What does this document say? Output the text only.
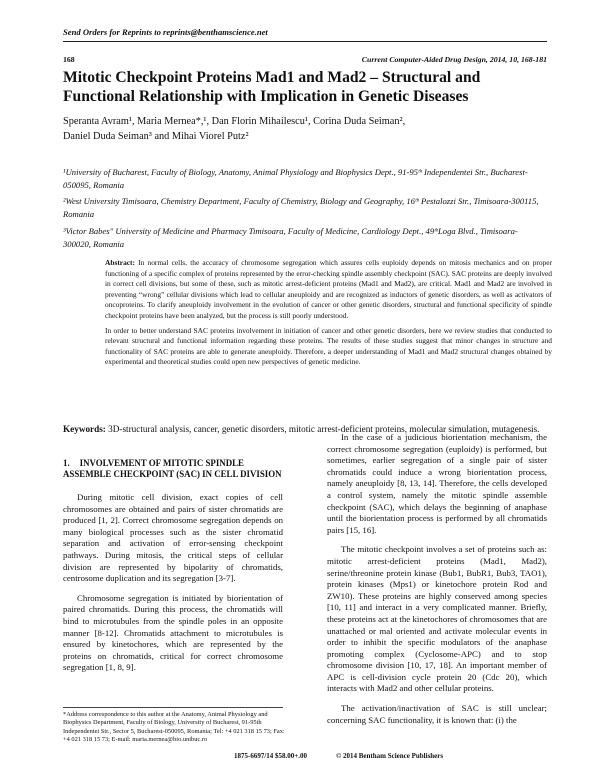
Send Orders for Reprints to reprints@benthamscience.net
168	Current Computer-Aided Drug Design, 2014, 10, 168-181
Mitotic Checkpoint Proteins Mad1 and Mad2 – Structural and Functional Relationship with Implication in Genetic Diseases
Speranta Avram¹, Maria Mernea*,¹, Dan Florin Mihailescu¹, Corina Duda Seiman²,
Daniel Duda Seiman³ and Mihai Viorel Putz²
¹University of Bucharest, Faculty of Biology, Anatomy, Animal Physiology and Biophysics Dept., 91-95ᵗʰ Independentei Str., Bucharest-050095, Romania
²West University Timisoara, Chemistry Department, Faculty of Chemistry, Biology and Geography, 16ᵗʰ Pestalozzi Str., Timisoara-300115, Romania
³Victor Babes" University of Medicine and Pharmacy Timisoara, Faculty of Medicine, Cardiology Dept., 49ᵗʰLoga Blvd., Timisoara-300020, Romania

Abstract: In normal cells, the accuracy of chromosome segregation which assures cells euploidy depends on mitosis mechanics and on proper functioning of a specific complex of proteins represented by the error-checking spindle assembly checkpoint (SAC). SAC proteins are deeply involved in correct cell divisions, but some of these, such as mitotic arrest-deficient proteins (Mad1 and Mad2), are critical. Mad1 and Mad2 are involved in preventing “wrong” cellular divisions which lead to cellular aneuploidy and are recognized as inductors of genetic disorders, as well as activators of oncoproteins. To clarify aneuploidy involvement in the evolution of cancer or other genetic disorders, structural and functional specificity of spindle checkpoint proteins have been analyzed, but the process is still poorly understood.

In order to better understand SAC proteins involvement in initiation of cancer and other genetic disorders, here we review studies that conducted to relevant structural and functional information regarding these proteins. The results of these studies suggest that minor changes in structure and functionality of SAC proteins are able to generate aneuploidy. Therefore, a deeper understanding of Mad1 and Mad2 structural changes obtained by experimental and theoretical studies could open new perspectives of genetic medicine.

Keywords: 3D-structural analysis, cancer, genetic disorders, mitotic arrest-deficient proteins, molecular simulation, mutagenesis.
1. INVOLVEMENT OF MITOTIC SPINDLE ASSEMBLE CHECKPOINT (SAC) IN CELL DIVISION

During mitotic cell division, exact copies of cell chromosomes are obtained and pairs of sister chromatids are produced [1, 2]. Correct chromosome segregation depends on many biological processes such as the sister chromatid separation and activation of error-sensing checkpoint pathways. During mitosis, the critical steps of cellular division are represented by bipolarity of chromatids, centrosome duplication and its segregation [3-7].

Chromosome segregation is initiated by biorientation of paired chromatids. During this process, the chromatids will bind to microtubules from the spindle poles in an opposite manner [8-12]. Chromatids attachment to microtubules is ensured by kinetochores, which are represented by the proteins on chromatids, critical for correct chromosome segregation [1, 8, 9].

In the case of a judicious biorientation mechanism, the correct chromosome segregation (euploidy) is performed, but sometimes, earlier segregation of a single pair of sister chromatids could induce a wrong biorientation process, namely aneuploidy [8, 13, 14]. Therefore, the cells developed a control system, namely the mitotic spindle assemble checkpoint (SAC), which delays the beginning of anaphase until the biorientation process is performed by all chromatids pairs [15, 16].

The mitotic checkpoint involves a set of proteins such as: mitotic arrest-deficient proteins (Mad1, Mad2), serine/threonine protein kinase (Bub1, BubR1, Bub3, TAO1), protein kinases (Mps1) or kinetochore protein Rod and ZW10). These proteins are highly conserved among species [10, 11] and interact in a very complicated manner. Briefly, these proteins act at the kinetochores of chromosomes that are unattached or mal oriented and activate molecular events in order to inhibit the specific modulators of the anaphase promoting complex (Cyclosome-APC) and to stop chromosome division [10, 17, 18]. An important member of APC is cell-division cycle protein 20 (Cdc 20), which interacts with Mad2 and other cellular proteins.

The activation/inactivation of SAC is still unclear; concerning SAC functionality, it is known that: (i) the

*Address correspondence to this author at the Anatomy, Animal Physiology and Biophysics Department, Faculty of Biology, University of Bucharest, 91-95th Independentei Str., Sector 5, Bucharest-050095, Romania; Tel: +4 021 318 15 73; Fax: +4 021 318 15 73; E-mail: maria.mernea@bio.unibuc.ro
1875-6697/14 $58.00+.00	© 2014 Bentham Science Publishers
